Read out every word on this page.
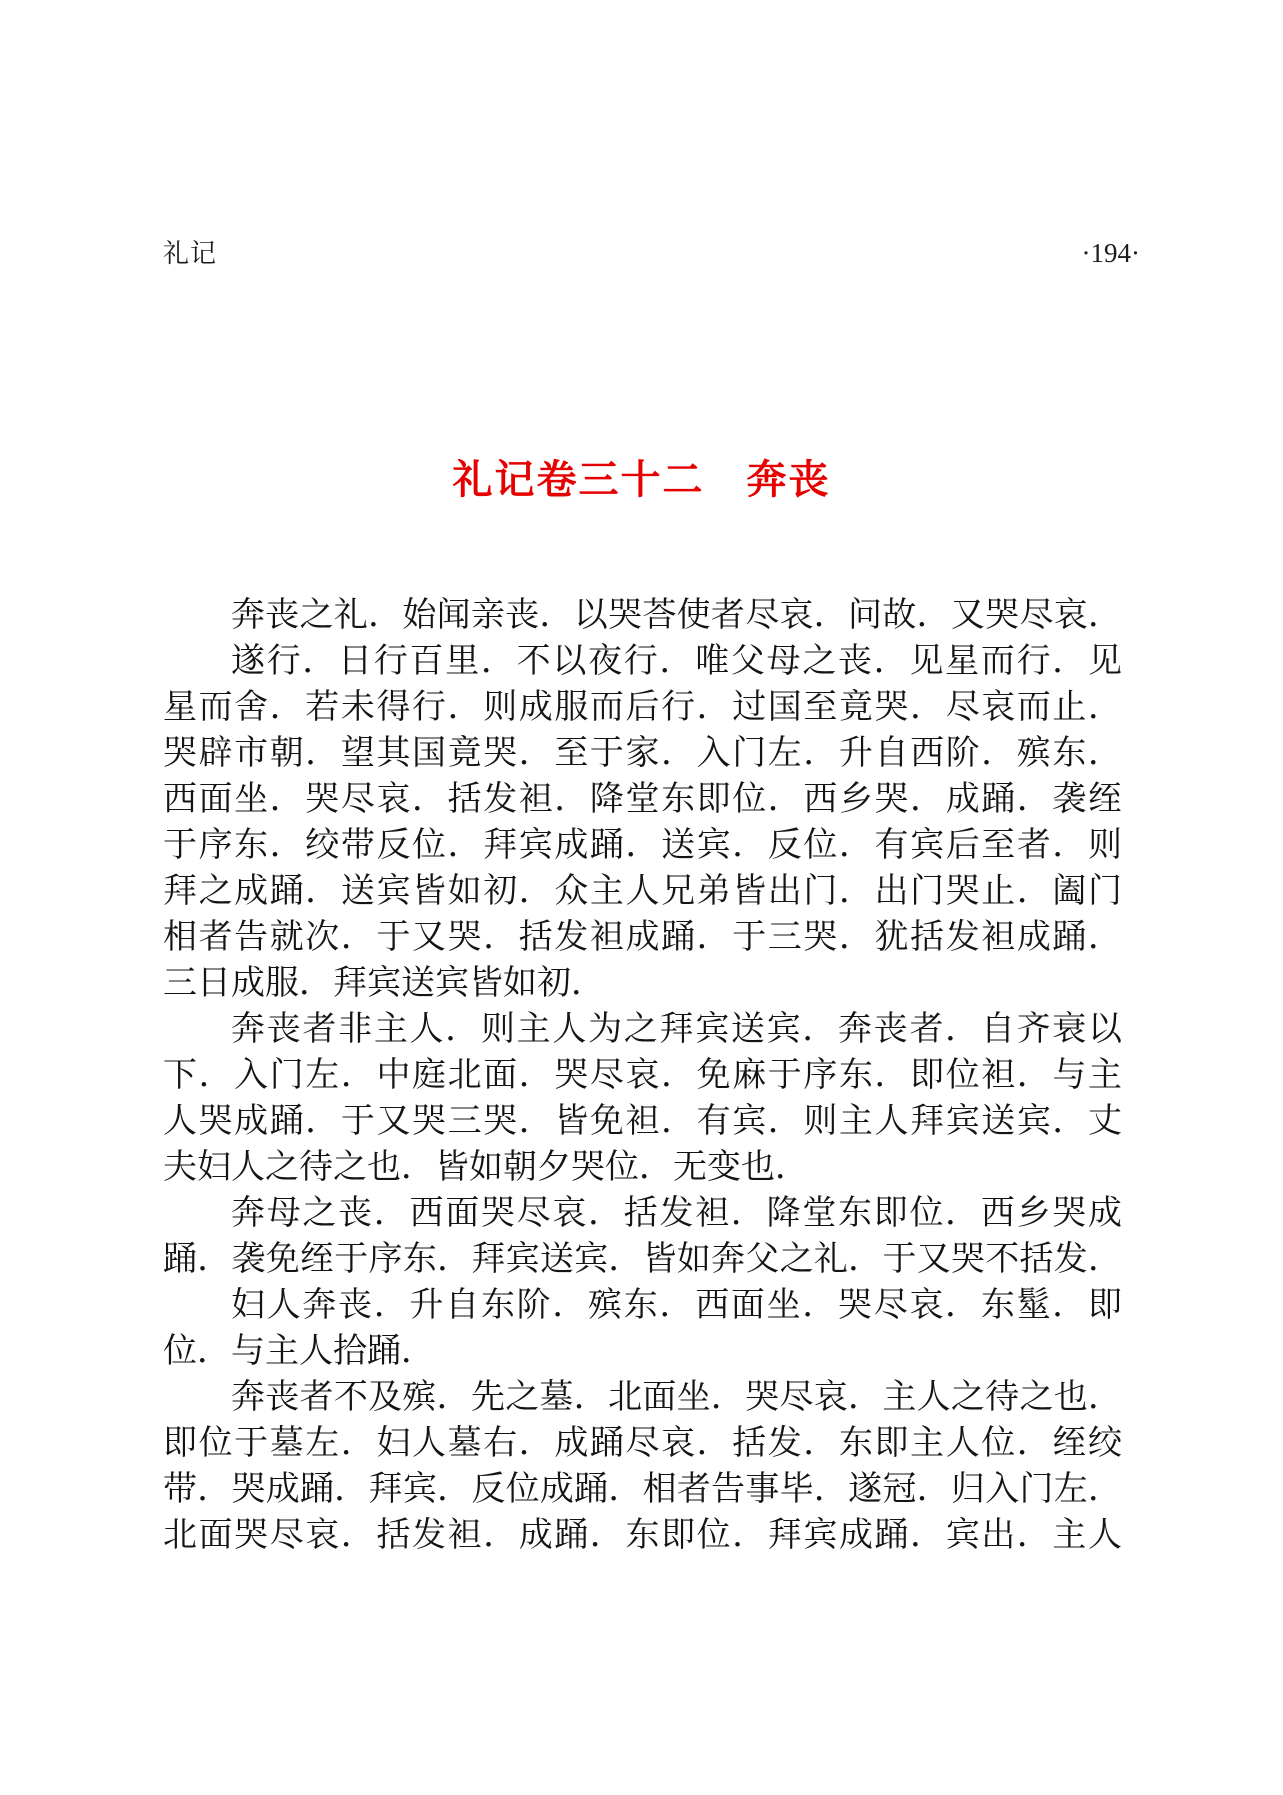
礼记	·194·
礼记卷三十二　奔丧
奔丧之礼．始闻亲丧．以哭荅使者尽哀．问故．又哭尽哀．
遂行．日行百里．不以夜行．唯父母之丧．见星而行．见
星而舍．若未得行．则成服而后行．过国至竟哭．尽哀而止．
哭辟市朝．望其国竟哭．至于家．入门左．升自西阶．殡东．
西面坐．哭尽哀．括发袒．降堂东即位．西乡哭．成踊．袭绖
于序东．绞带反位．拜宾成踊．送宾．反位．有宾后至者．则
拜之成踊．送宾皆如初．众主人兄弟皆出门．出门哭止．阖门
相者告就次．于又哭．括发袒成踊．于三哭．犹括发袒成踊．
三日成服．拜宾送宾皆如初．
奔丧者非主人．则主人为之拜宾送宾．奔丧者．自齐衰以
下．入门左．中庭北面．哭尽哀．免麻于序东．即位袒．与主
人哭成踊．于又哭三哭．皆免袒．有宾．则主人拜宾送宾．丈
夫妇人之待之也．皆如朝夕哭位．无变也．
奔母之丧．西面哭尽哀．括发袒．降堂东即位．西乡哭成
踊．袭免绖于序东．拜宾送宾．皆如奔父之礼．于又哭不括发．
妇人奔丧．升自东阶．殡东．西面坐．哭尽哀．东髽．即
位．与主人拾踊．
奔丧者不及殡．先之墓．北面坐．哭尽哀．主人之待之也．
即位于墓左．妇人墓右．成踊尽哀．括发．东即主人位．绖绞
带．哭成踊．拜宾．反位成踊．相者告事毕．遂冠．归入门左．
北面哭尽哀．括发袒．成踊．东即位．拜宾成踊．宾出．主人
